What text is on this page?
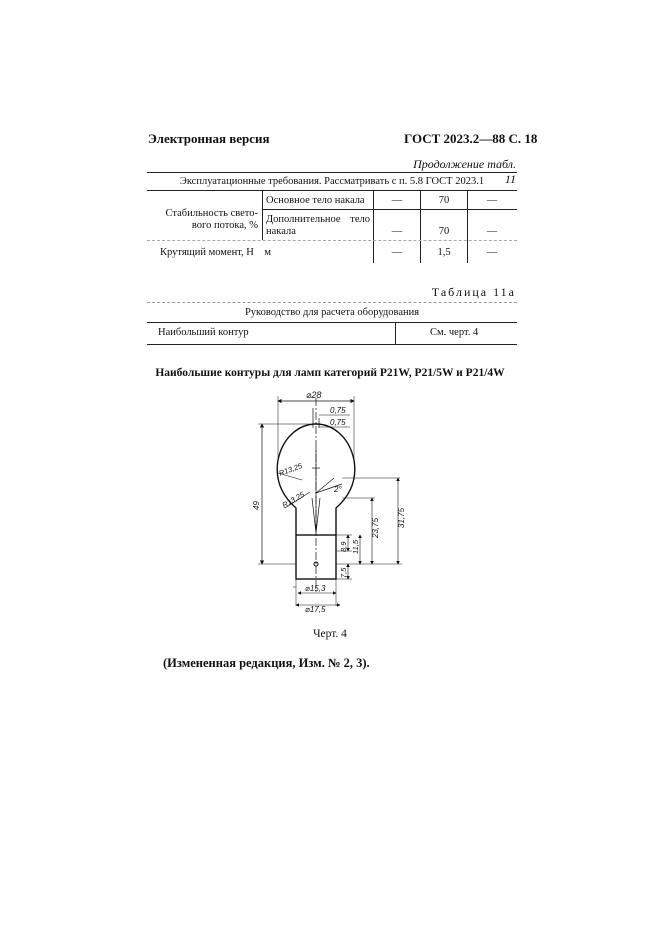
Электронная версия	ГОСТ 2023.2—88 С. 18
Продолжение табл. 11
Эксплуатационные требования. Рассматривать с п. 5.8 ГОСТ 2023.1
Стабильность свето-вого потока, %
Основное тело накала	—	70	—
Дополнительное тело накала	—	70	—
Крутящий момент, Н    м	—	1,5	—
Таблица 11а
Руководство для расчета оборудования
Наибольший контур	См. черт. 4
Наибольшие контуры для ламп категорий P21W, P21/5W и P21/4W
⌀28
0,75
0,75
R13,25
R13,25
2°
49
23,75 31,75
8,9 11,5
7,5
⌀15,3
⌀17,5
Черт. 4
(Измененная редакция, Изм. № 2, 3).
